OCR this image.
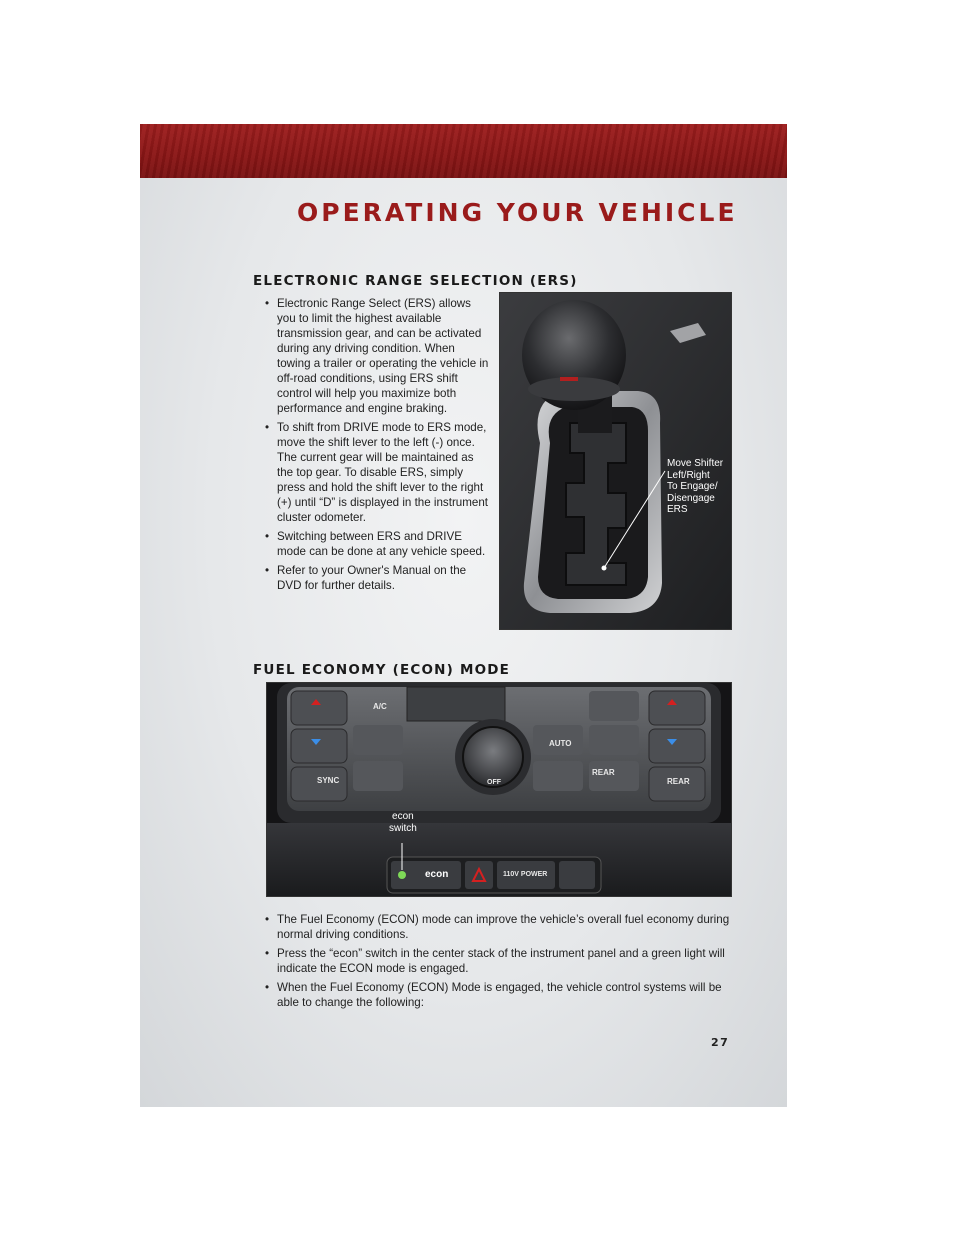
OPERATING YOUR VEHICLE
ELECTRONIC RANGE SELECTION (ERS)
• Electronic Range Select (ERS) allows you to limit the highest available transmission gear, and can be activated during any driving condition. When towing a trailer or operating the vehicle in off-road conditions, using ERS shift control will help you maximize both performance and engine braking.
• To shift from DRIVE mode to ERS mode, move the shift lever to the left (-) once. The current gear will be maintained as the top gear. To disable ERS, simply press and hold the shift lever to the right (+) until “D” is displayed in the instrument cluster odometer.
• Switching between ERS and DRIVE mode can be done at any vehicle speed.
• Refer to your Owner's Manual on the DVD for further details.
Move Shifter
Left/Right
To Engage/
Disengage
ERS
FUEL ECONOMY (ECON) MODE
A/C
AUTO
SYNC
REAR
REAR
OFF
econ	110V POWER
econ
switch
• The Fuel Economy (ECON) mode can improve the vehicle’s overall fuel economy during normal driving conditions.
• Press the “econ” switch in the center stack of the instrument panel and a green light will indicate the ECON mode is engaged.
• When the Fuel Economy (ECON) Mode is engaged, the vehicle control systems will be able to change the following:
27
